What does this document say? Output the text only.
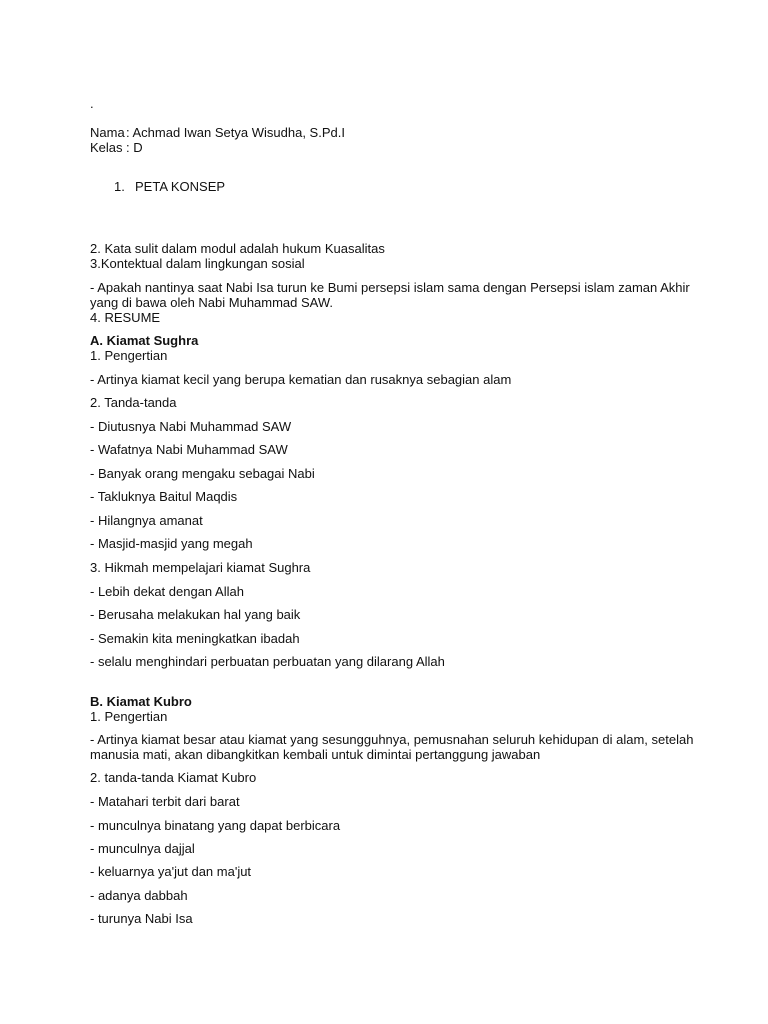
.
Nama: Achmad Iwan Setya Wisudha, S.Pd.I
Kelas : D
1. PETA KONSEP
2. Kata sulit dalam modul adalah hukum Kuasalitas
3.Kontektual dalam lingkungan sosial
- Apakah nantinya saat Nabi Isa turun ke Bumi persepsi islam sama dengan Persepsi islam zaman Akhir
yang di bawa oleh Nabi Muhammad SAW.
4. RESUME
A. Kiamat Sughra
1. Pengertian
- Artinya kiamat kecil yang berupa kematian dan rusaknya sebagian alam
2. Tanda-tanda
- Diutusnya Nabi Muhammad SAW
- Wafatnya Nabi Muhammad SAW
- Banyak orang mengaku sebagai Nabi
- Takluknya Baitul Maqdis
- Hilangnya amanat
- Masjid-masjid yang megah
3. Hikmah mempelajari kiamat Sughra
- Lebih dekat dengan Allah
- Berusaha melakukan hal yang baik
- Semakin kita meningkatkan ibadah
- selalu menghindari perbuatan perbuatan yang dilarang Allah
B. Kiamat Kubro
1. Pengertian
- Artinya kiamat besar atau kiamat yang sesungguhnya, pemusnahan seluruh kehidupan di alam, setelah
manusia mati, akan dibangkitkan kembali untuk dimintai pertanggung jawaban
2. tanda-tanda Kiamat Kubro
- Matahari terbit dari barat
- munculnya binatang yang dapat berbicara
- munculnya dajjal
- keluarnya ya'jut dan ma'jut
- adanya dabbah
- turunya Nabi Isa
